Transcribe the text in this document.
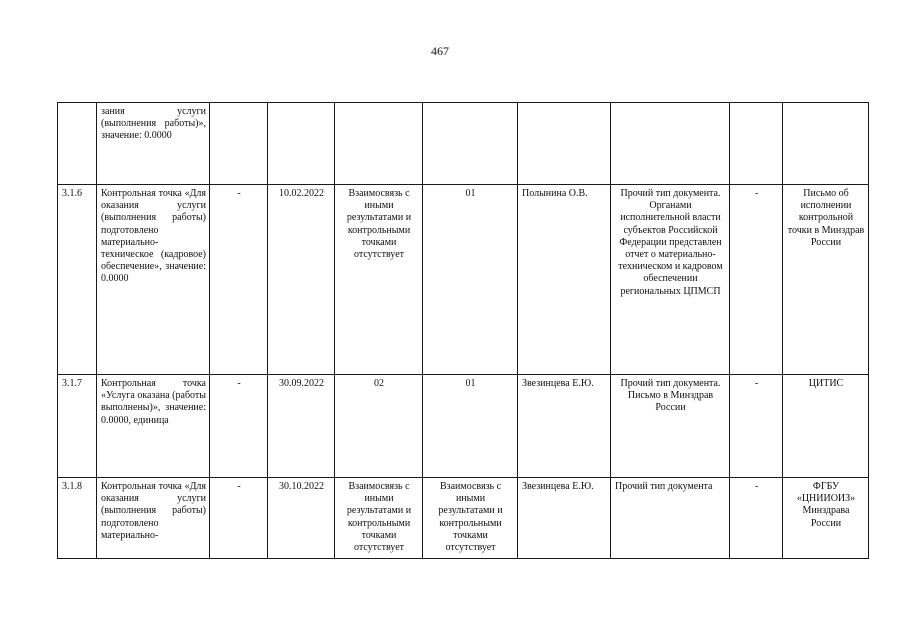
467
	зания услуги (выполнения работы)», значение: 0.0000								
3.1.6	Контрольная точка «Для оказания услуги (выполнения работы) подготовлено материально-техническое (кадровое) обеспечение», значение: 0.0000	-	10.02.2022	Взаимосвязь с иными результатами и контрольными точками отсутствует	01	Полынина О.В.	Прочий тип документа. Органами исполнительной власти субъектов Российской Федерации представлен отчет о материально-техническом и кадровом обеспечении региональных ЦПМСП	-	Письмо об исполнении контрольной точки в Минздрав России
3.1.7	Контрольная точка «Услуга оказана (работы выполнены)», значение: 0.0000, единица	-	30.09.2022	02	01	Звезинцева Е.Ю.	Прочий тип документа. Письмо в Минздрав России	-	ЦИТИС
3.1.8	Контрольная точка «Для оказания услуги (выполнения работы) подготовлено материально-	-	30.10.2022	Взаимосвязь с иными результатами и контрольными точками отсутствует	Взаимосвязь с иными результатами и контрольными точками отсутствует	Звезинцева Е.Ю.	Прочий тип документа	-	ФГБУ «ЦНИИОИЗ» Минздрава России
